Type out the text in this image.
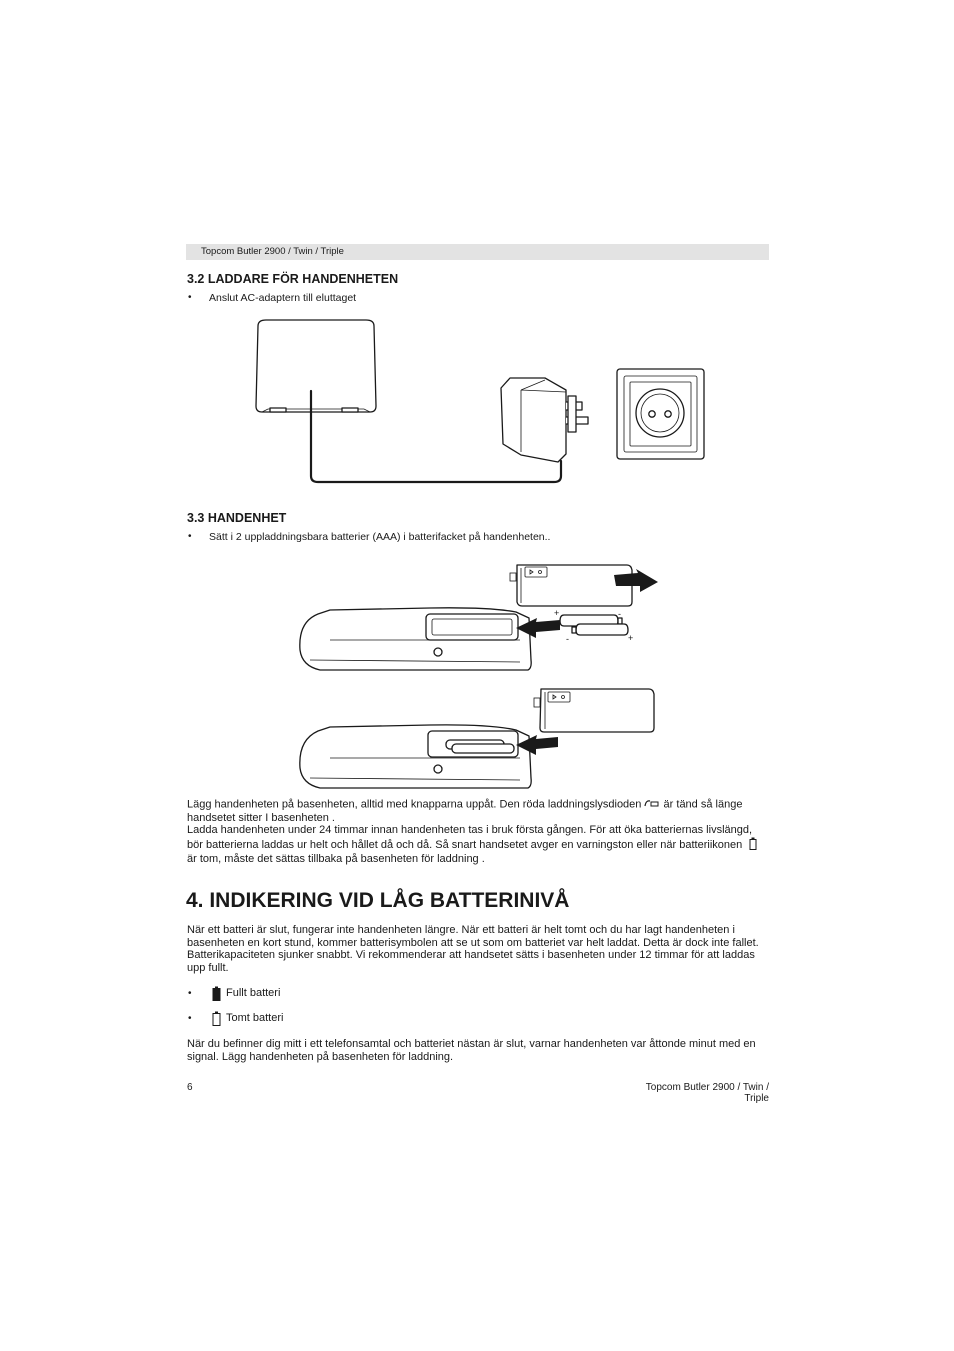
Topcom Butler 2900 / Twin / Triple
3.2 LADDARE FÖR HANDENHETEN
• Anslut AC-adaptern till eluttaget
3.3 HANDENHET
• Sätt i 2 uppladdningsbara batterier (AAA) i batterifacket på handenheten..
+
+
-
-
Lägg handenheten på basenheten, alltid med knapparna uppåt. Den röda laddningslysdioden är tänd så länge
handsetet sitter I basenheten .
Ladda handenheten under 24 timmar innan handenheten tas i bruk första gången. För att öka batteriernas livslängd,
bör batterierna laddas ur helt och hållet då och då. Så snart handsetet avger en varningston eller när batteriikonen
är tom, måste det sättas tillbaka på basenheten för laddning .
4. INDIKERING VID LÅG BATTERINIVÅ
När ett batteri är slut, fungerar inte handenheten längre. När ett batteri är helt tomt och du har lagt handenheten i
basenheten en kort stund, kommer batterisymbolen att se ut som om batteriet var helt laddat. Detta är dock inte fallet.
Batterikapaciteten sjunker snabbt. Vi rekommenderar att handsetet sätts i basenheten under 12 timmar för att laddas
upp fullt.
•	Fullt batteri
•	Tomt batteri
När du befinner dig mitt i ett telefonsamtal och batteriet nästan är slut, varnar handenheten var åttonde minut med en
signal. Lägg handenheten på basenheten för laddning.
6	Topcom Butler 2900 / Twin / Triple
